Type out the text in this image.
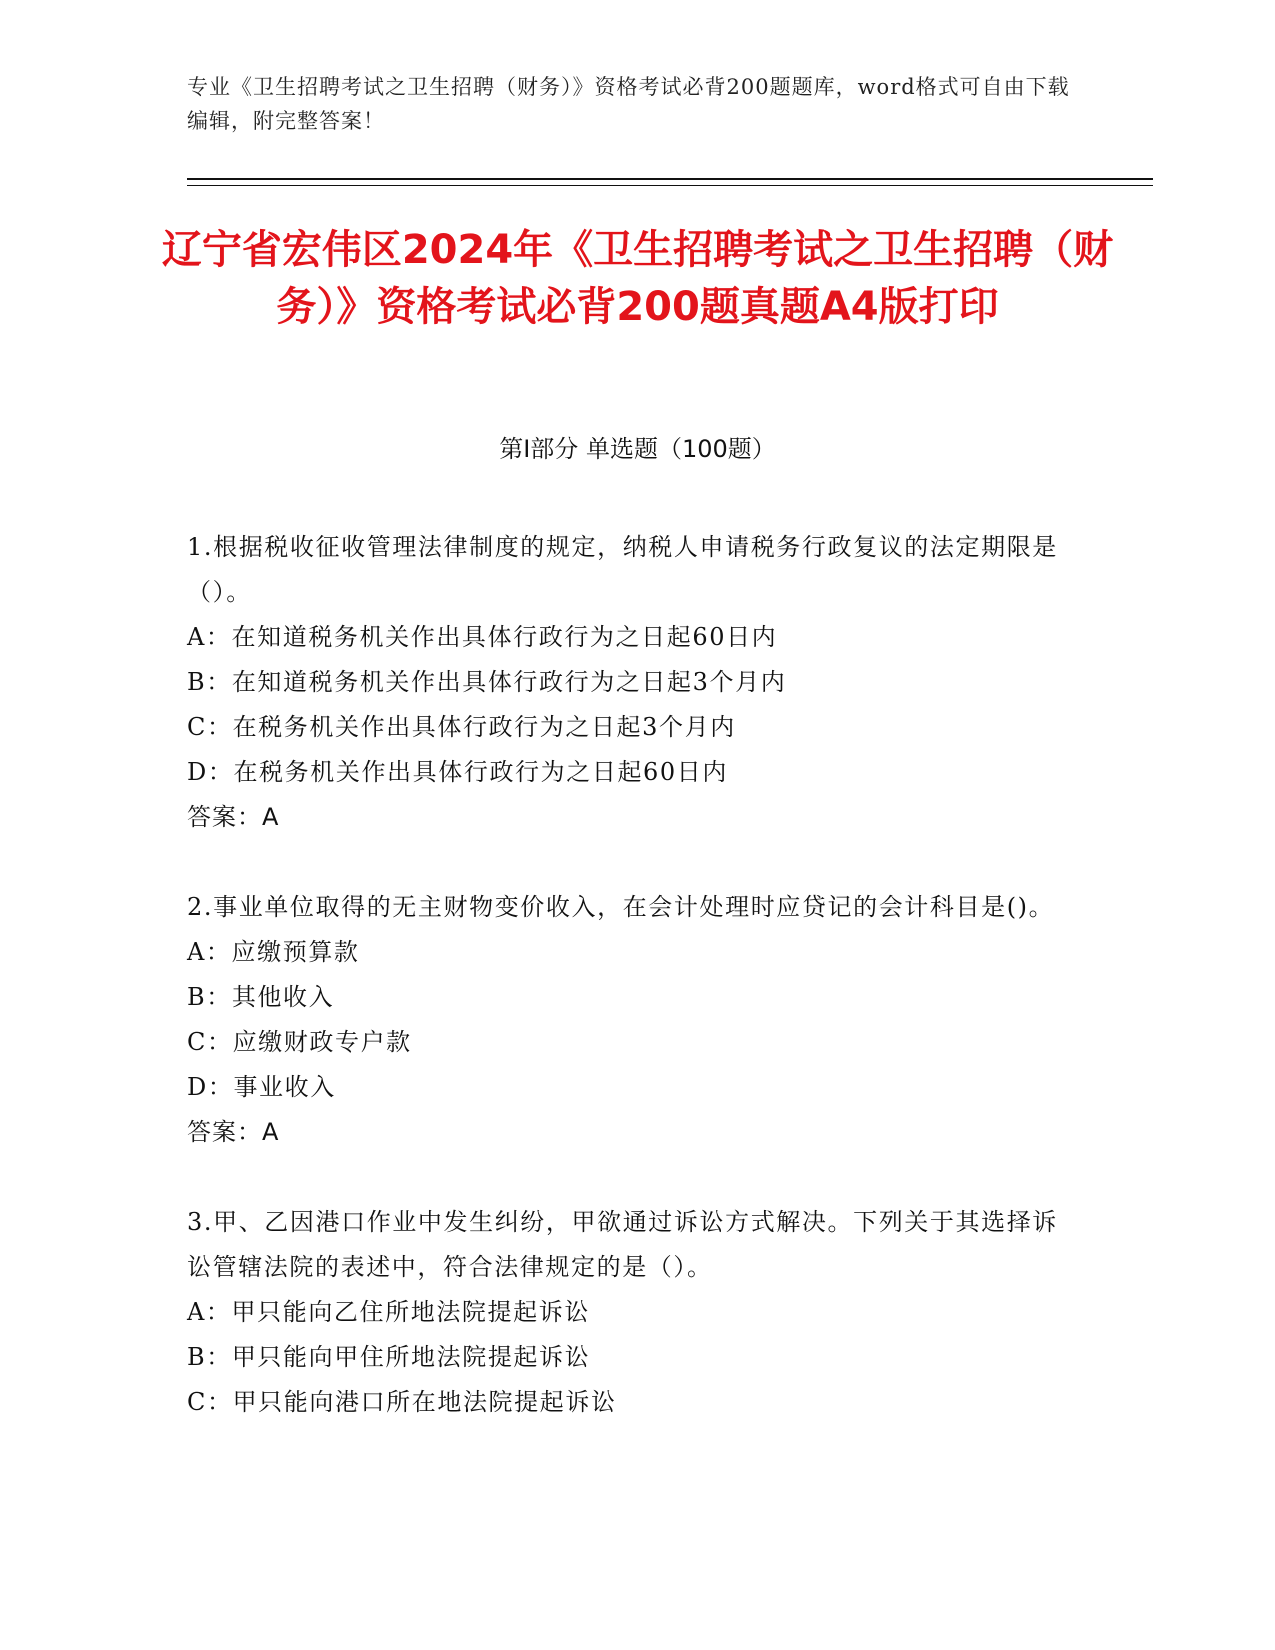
专业《卫生招聘考试之卫生招聘（财务）》资格考试必背200题题库，word格式可自由下载编辑，附完整答案！
辽宁省宏伟区2024年《卫生招聘考试之卫生招聘（财务）》资格考试必背200题真题A4版打印
第Ⅰ部分 单选题（100题）
1.根据税收征收管理法律制度的规定，纳税人申请税务行政复议的法定期限是（）。
A：在知道税务机关作出具体行政行为之日起60日内
B：在知道税务机关作出具体行政行为之日起3个月内
C：在税务机关作出具体行政行为之日起3个月内
D：在税务机关作出具体行政行为之日起60日内
答案：A
2.事业单位取得的无主财物变价收入，在会计处理时应贷记的会计科目是()。
A：应缴预算款
B：其他收入
C：应缴财政专户款
D：事业收入
答案：A
3.甲、乙因港口作业中发生纠纷，甲欲通过诉讼方式解决。下列关于其选择诉讼管辖法院的表述中，符合法律规定的是（）。
A：甲只能向乙住所地法院提起诉讼
B：甲只能向甲住所地法院提起诉讼
C：甲只能向港口所在地法院提起诉讼
